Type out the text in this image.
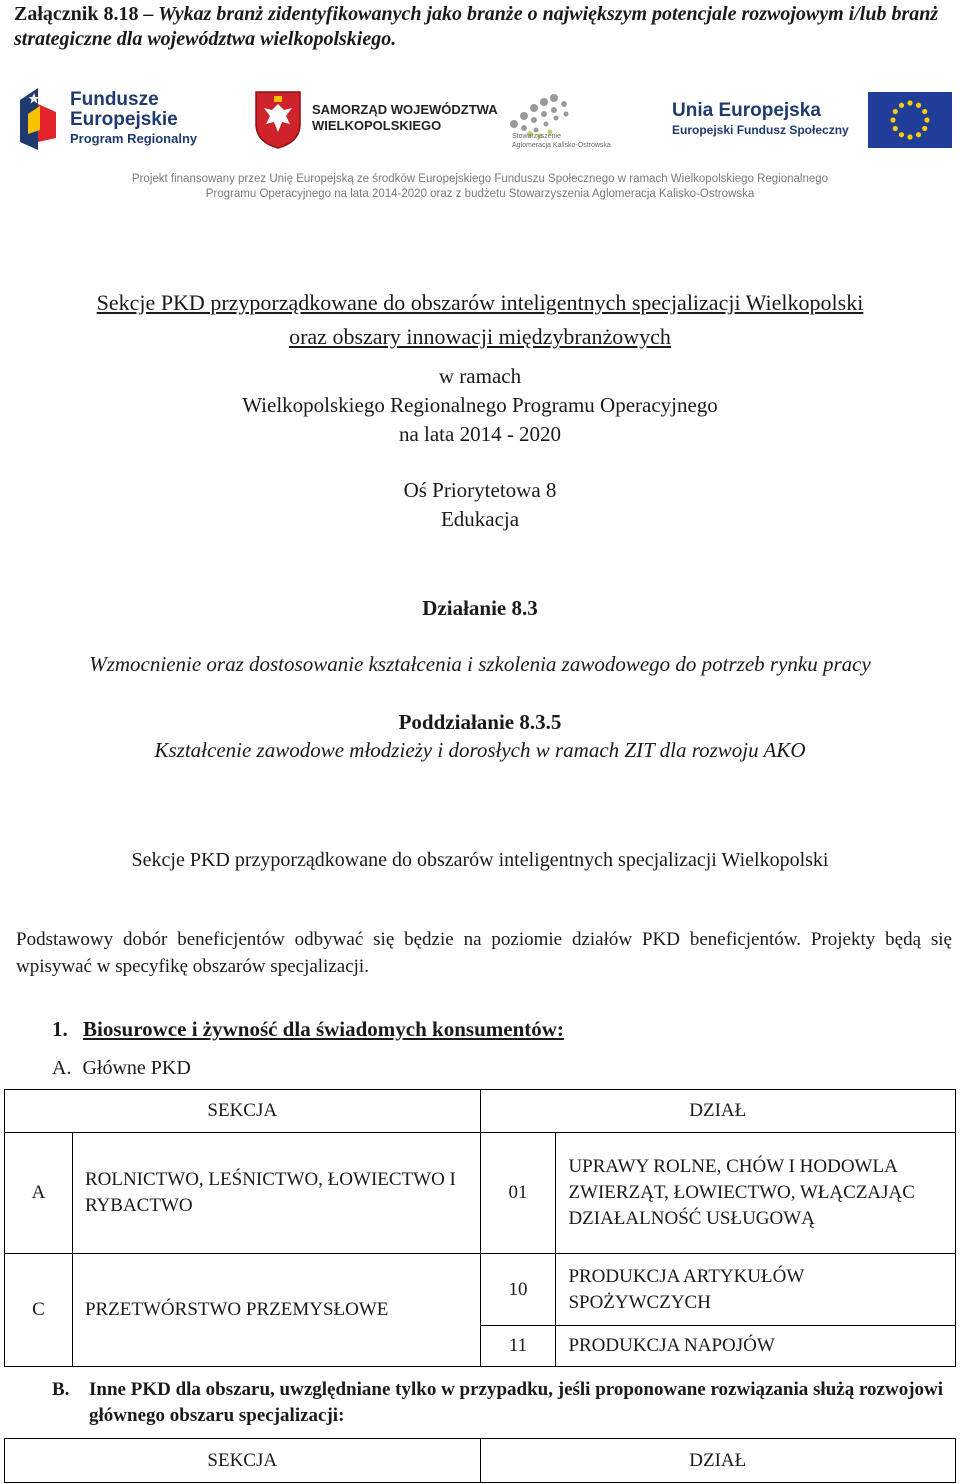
Załącznik 8.18 – Wykaz branż zidentyfikowanych jako branże o największym potencjale rozwojowym i/lub branż strategiczne dla województwa wielkopolskiego.
Fundusze
Europejskie
Program Regionalny
SAMORZĄD WOJEWÓDZTWA
WIELKOPOLSKIEGO
Stowarzyszenie
Aglomeracja Kalisko-Ostrowska
Unia Europejska
Europejski Fundusz Społeczny
Projekt finansowany przez Unię Europejską ze środków Europejskiego Funduszu Społecznego w ramach Wielkopolskiego Regionalnego
Programu Operacyjnego na lata 2014-2020 oraz z budżetu Stowarzyszenia Aglomeracja Kalisko-Ostrowska
Sekcje PKD przyporządkowane do obszarów inteligentnych specjalizacji Wielkopolski
oraz obszary innowacji międzybranżowych
w ramach
Wielkopolskiego Regionalnego Programu Operacyjnego
na lata 2014 - 2020
Oś Priorytetowa 8
Edukacja
Działanie 8.3
Wzmocnienie oraz dostosowanie kształcenia i szkolenia zawodowego do potrzeb rynku pracy
Poddziałanie 8.3.5
Kształcenie zawodowe młodzieży i dorosłych w ramach ZIT dla rozwoju AKO
Sekcje PKD przyporządkowane do obszarów inteligentnych specjalizacji Wielkopolski
Podstawowy dobór beneficjentów odbywać się będzie na poziomie działów PKD beneficjentów. Projekty będą się wpisywać w specyfikę obszarów specjalizacji.
1. Biosurowce i żywność dla świadomych konsumentów:
A. Główne PKD
SEKCJA		DZIAŁ	
A	ROLNICTWO, LEŚNICTWO, ŁOWIECTWO I RYBACTWO	01	UPRAWY ROLNE, CHÓW I HODOWLA ZWIERZĄT, ŁOWIECTWO, WŁĄCZAJĄC DZIAŁALNOŚĆ USŁUGOWĄ
C	PRZETWÓRSTWO PRZEMYSŁOWE	10	PRODUKCJA ARTYKUŁÓW SPOŻYWCZYCH
		11	PRODUKCJA NAPOJÓW
B. Inne PKD dla obszaru, uwzględniane tylko w przypadku, jeśli proponowane rozwiązania służą rozwojowi głównego obszaru specjalizacji:
SEKCJA	DZIAŁ
